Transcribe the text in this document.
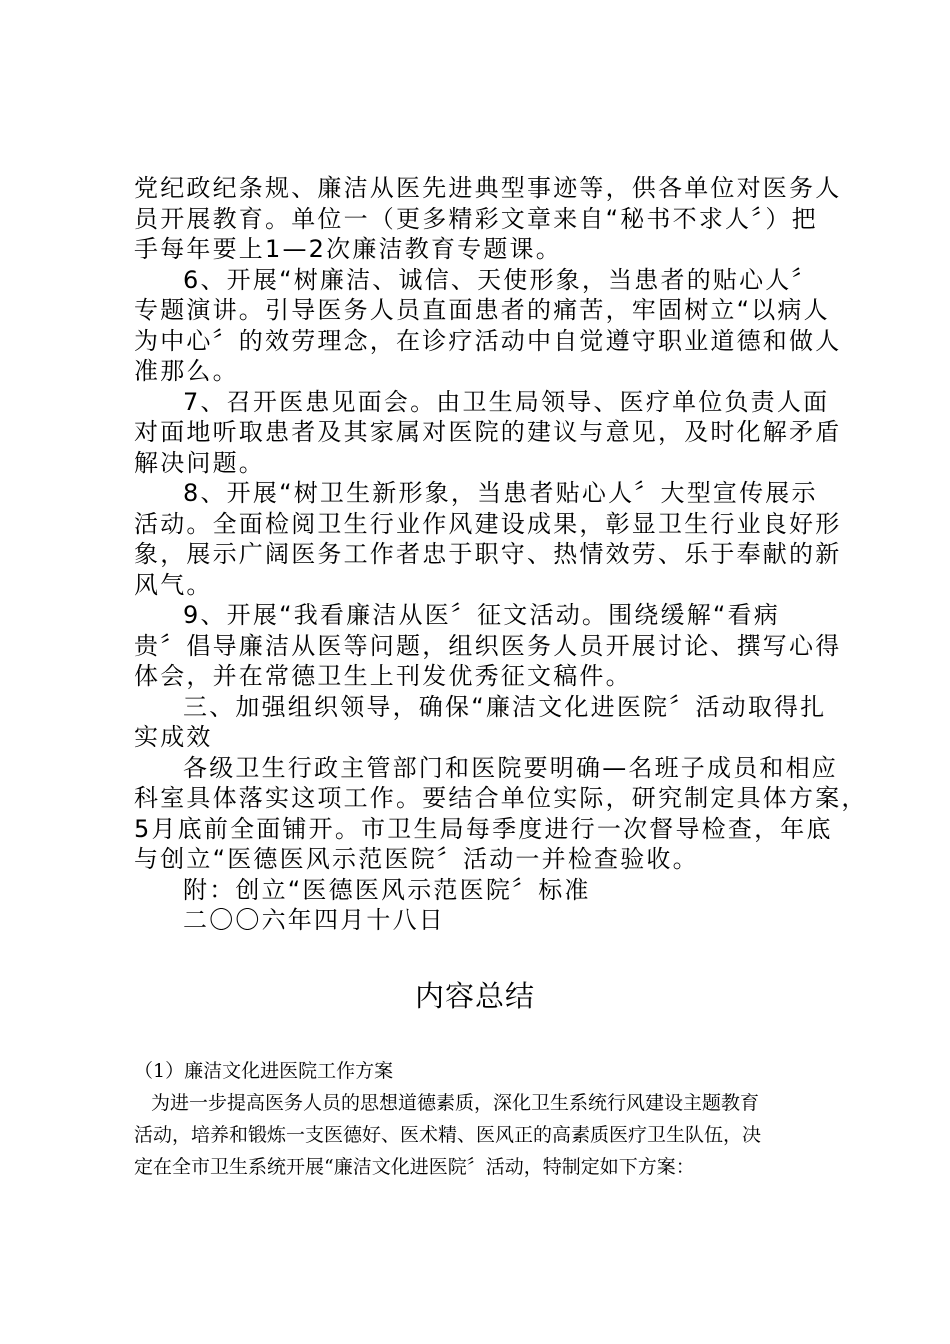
党纪政纪条规、廉洁从医先进典型事迹等，供各单位对医务人
员开展教育。单位一（更多精彩文章来自“秘书不求人〞）把
手每年要上1—2次廉洁教育专题课。
6、开展“树廉洁、诚信、天使形象，当患者的贴心人〞
专题演讲。引导医务人员直面患者的痛苦，牢固树立“以病人
为中心〞的效劳理念，在诊疗活动中自觉遵守职业道德和做人
准那么。
7、召开医患见面会。由卫生局领导、医疗单位负责人面
对面地听取患者及其家属对医院的建议与意见，及时化解矛盾
解决问题。
8、开展“树卫生新形象，当患者贴心人〞大型宣传展示
活动。全面检阅卫生行业作风建设成果，彰显卫生行业良好形
象，展示广阔医务工作者忠于职守、热情效劳、乐于奉献的新
风气。
9、开展“我看廉洁从医〞征文活动。围绕缓解“看病
贵〞倡导廉洁从医等问题，组织医务人员开展讨论、撰写心得
体会，并在常德卫生上刊发优秀征文稿件。
三、加强组织领导，确保“廉洁文化进医院〞活动取得扎
实成效
各级卫生行政主管部门和医院要明确—名班子成员和相应
科室具体落实这项工作。要结合单位实际，研究制定具体方案，
5月底前全面铺开。市卫生局每季度进行一次督导检查，年底
与创立“医德医风示范医院〞活动一并检查验收。
附：创立“医德医风示范医院〞标准
二〇〇六年四月十八日
内容总结
（1）廉洁文化进医院工作方案
为进一步提高医务人员的思想道德素质，深化卫生系统行风建设主题教育
活动，培养和锻炼一支医德好、医术精、医风正的高素质医疗卫生队伍，决
定在全市卫生系统开展“廉洁文化进医院〞活动，特制定如下方案：
